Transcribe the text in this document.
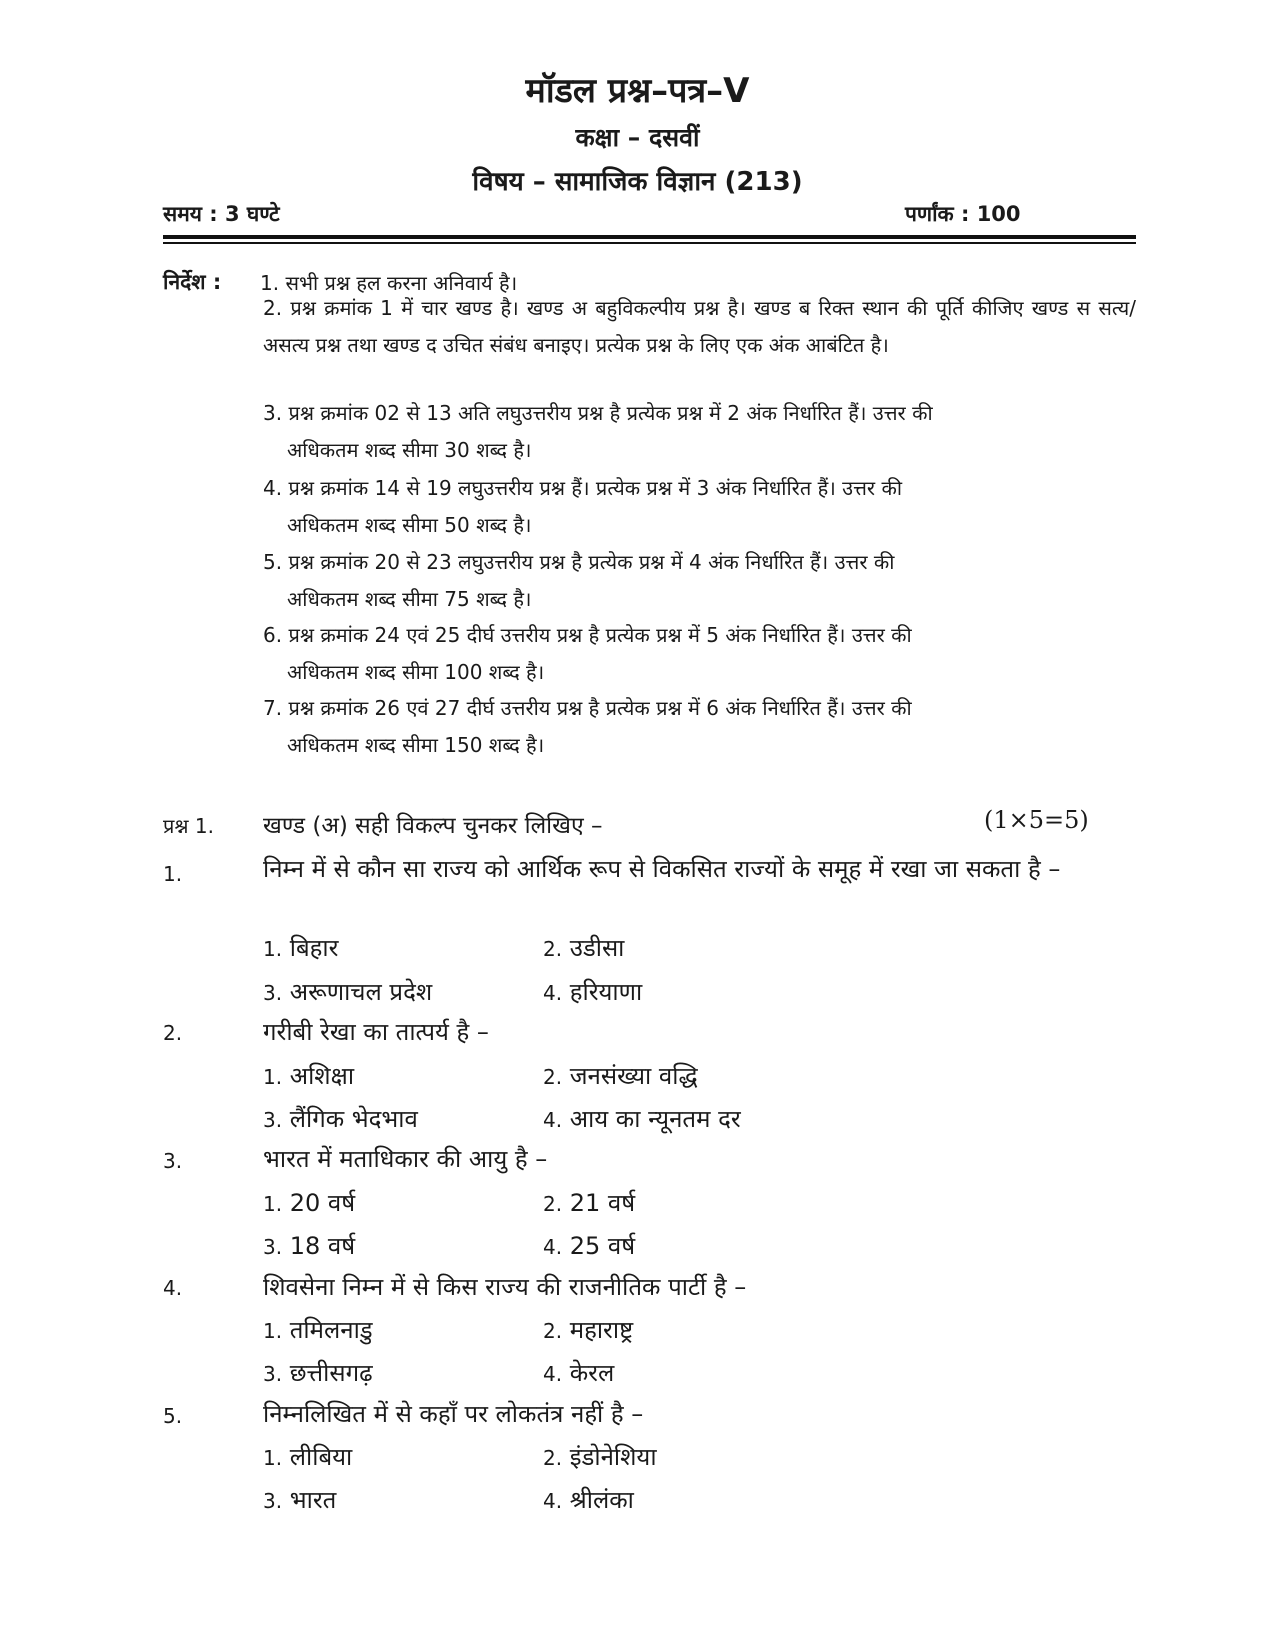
मॉडल प्रश्न–पत्र–V
कक्षा – दसवीं
विषय – सामाजिक विज्ञान (213)
समय : 3 घण्टे	पर्णांक : 100
निर्देश : 1. सभी प्रश्न हल करना अनिवार्य है।
2. प्रश्न क्रमांक 1 में चार खण्ड है। खण्ड अ बहुविकल्पीय प्रश्न है। खण्ड ब रिक्त स्थान की पूर्ति कीजिए खण्ड स सत्य/असत्य प्रश्न तथा खण्ड द उचित संबंध बनाइए। प्रत्येक प्रश्न के लिए एक अंक आबंटित है।
3. प्रश्न क्रमांक 02 से 13 अति लघुउत्तरीय प्रश्न है प्रत्येक प्रश्न में 2 अंक निर्धारित हैं। उत्तर की
अधिकतम शब्द सीमा 30 शब्द है।
4. प्रश्न क्रमांक 14 से 19 लघुउत्तरीय प्रश्न हैं। प्रत्येक प्रश्न में 3 अंक निर्धारित हैं। उत्तर की
अधिकतम शब्द सीमा 50 शब्द है।
5. प्रश्न क्रमांक 20 से 23 लघुउत्तरीय प्रश्न है प्रत्येक प्रश्न में 4 अंक निर्धारित हैं। उत्तर की
अधिकतम शब्द सीमा 75 शब्द है।
6. प्रश्न क्रमांक 24 एवं 25 दीर्घ उत्तरीय प्रश्न है प्रत्येक प्रश्न में 5 अंक निर्धारित हैं। उत्तर की
अधिकतम शब्द सीमा 100 शब्द है।
7. प्रश्न क्रमांक 26 एवं 27 दीर्घ उत्तरीय प्रश्न है प्रत्येक प्रश्न में 6 अंक निर्धारित हैं। उत्तर की
अधिकतम शब्द सीमा 150 शब्द है।
प्रश्न 1. खण्ड (अ) सही विकल्प चुनकर लिखिए –	(1×5=5)
1.	निम्न में से कौन सा राज्य को आर्थिक रूप से विकसित राज्यों के समूह में रखा जा सकता है –
1. बिहार	2. उडीसा
3. अरूणाचल प्रदेश	4. हरियाणा
2.	गरीबी रेखा का तात्पर्य है –
1. अशिक्षा	2. जनसंख्या वद्धि
3. लैंगिक भेदभाव	4. आय का न्यूनतम दर
3.	भारत में मताधिकार की आयु है –
1. 20 वर्ष	2. 21 वर्ष
3. 18 वर्ष	4. 25 वर्ष
4.	शिवसेना निम्न में से किस राज्य की राजनीतिक पार्टी है –
1. तमिलनाडु	2. महाराष्ट्र
3. छत्तीसगढ़	4. केरल
5.	निम्नलिखित में से कहाँ पर लोकतंत्र नहीं है –
1. लीबिया	2. इंडोनेशिया
3. भारत	4. श्रीलंका
